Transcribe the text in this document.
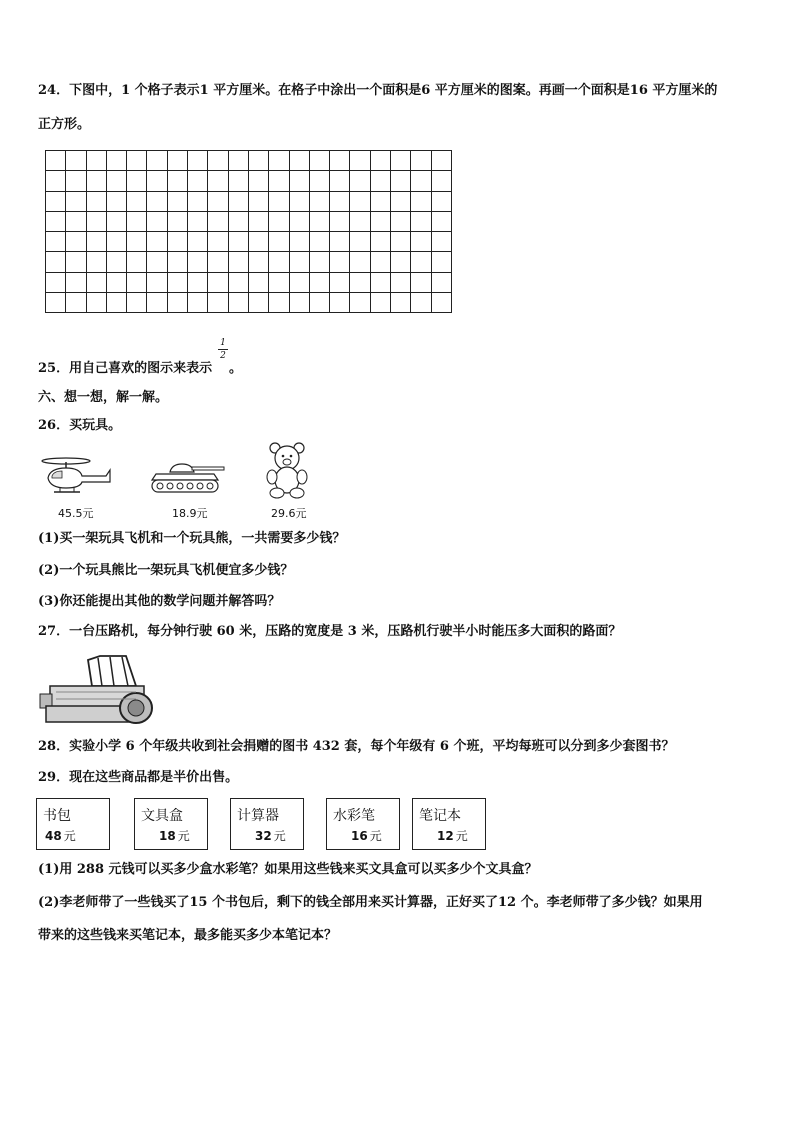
24．下图中，1 个格子表示1 平方厘米。在格子中涂出一个面积是6 平方厘米的图案。再画一个面积是16 平方厘米的
正方形。
25．用自己喜欢的图示来表示
1
2
。
六、想一想，解一解。
26．买玩具。
45.5元	18.9元	29.6元
(1)买一架玩具飞机和一个玩具熊，一共需要多少钱？
(2)一个玩具熊比一架玩具飞机便宜多少钱？
(3)你还能提出其他的数学问题并解答吗？
27．一台压路机，每分钟行驶 60 米，压路的宽度是 3 米，压路机行驶半小时能压多大面积的路面？
28．实验小学 6 个年级共收到社会捐赠的图书 432 套，每个年级有 6 个班，平均每班可以分到多少套图书？
29．现在这些商品都是半价出售。
书包
48 元
文具盒
18 元
计算器
32 元
水彩笔
16 元
笔记本
12 元
(1)用 288 元钱可以买多少盒水彩笔？如果用这些钱来买文具盒可以买多少个文具盒？
(2)李老师带了一些钱买了15 个书包后，剩下的钱全部用来买计算器，正好买了12 个。李老师带了多少钱？如果用
带来的这些钱来买笔记本，最多能买多少本笔记本？
